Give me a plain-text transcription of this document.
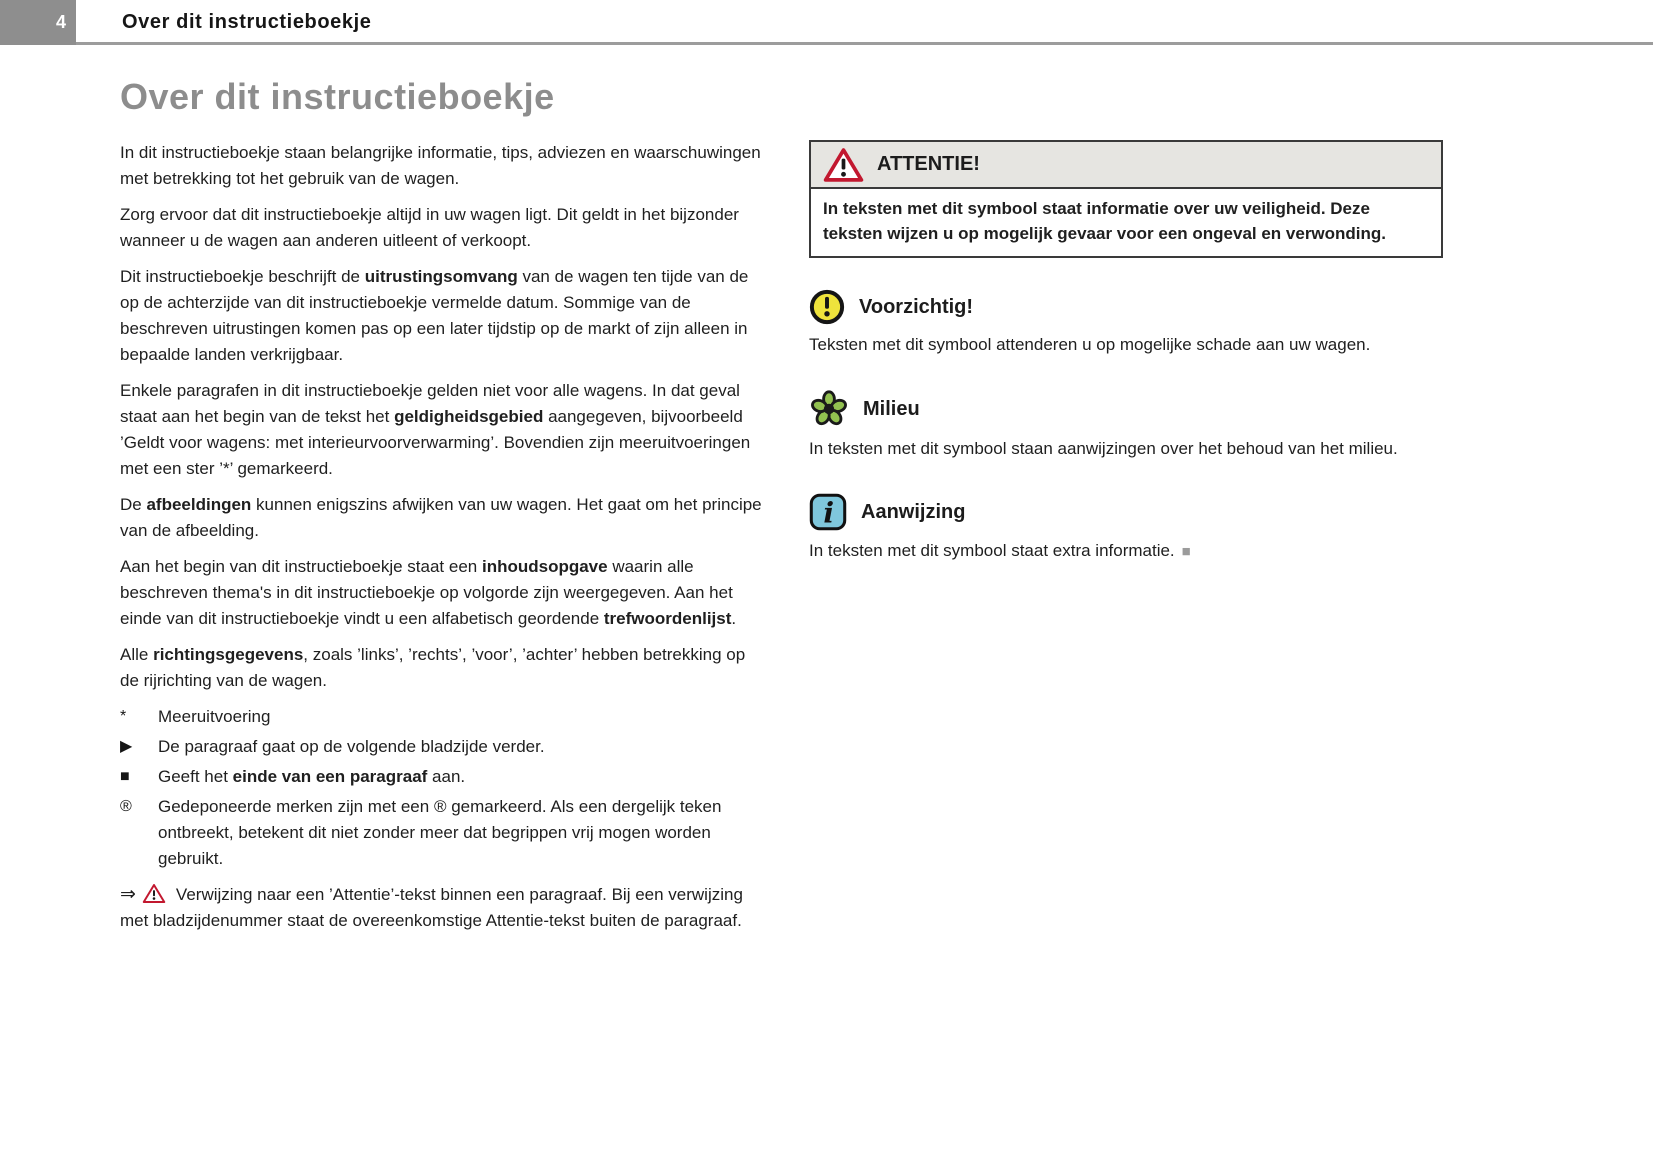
4	Over dit instructieboekje
Over dit instructieboekje

In dit instructieboekje staan belangrijke informatie, tips, adviezen en waarschuwingen met betrekking tot het gebruik van de wagen.

Zorg ervoor dat dit instructieboekje altijd in uw wagen ligt. Dit geldt in het bijzonder wanneer u de wagen aan anderen uitleent of verkoopt.

Dit instructieboekje beschrijft de uitrustingsomvang van de wagen ten tijde van de op de achterzijde van dit instructieboekje vermelde datum. Sommige van de beschreven uitrustingen komen pas op een later tijdstip op de markt of zijn alleen in bepaalde landen verkrijgbaar.

Enkele paragrafen in dit instructieboekje gelden niet voor alle wagens. In dat geval staat aan het begin van de tekst het geldigheidsgebied aangegeven, bijvoorbeeld ’Geldt voor wagens: met interieurvoorverwarming’. Bovendien zijn meeruitvoeringen met een ster ’*’ gemarkeerd.

De afbeeldingen kunnen enigszins afwijken van uw wagen. Het gaat om het principe van de afbeelding.

Aan het begin van dit instructieboekje staat een inhoudsopgave waarin alle beschreven thema's in dit instructieboekje op volgorde zijn weergegeven. Aan het einde van dit instructieboekje vindt u een alfabetisch geordende trefwoordenlijst.

Alle richtingsgegevens, zoals ’links’, ’rechts’, ’voor’, ’achter’ hebben betrekking op de rijrichting van de wagen.

*	Meeruitvoering
▶	De paragraaf gaat op de volgende bladzijde verder.
■	Geeft het einde van een paragraaf aan.
®	Gedeponeerde merken zijn met een ® gemarkeerd. Als een dergelijk teken ontbreekt, betekent dit niet zonder meer dat begrippen vrij mogen worden gebruikt.

⇒ Verwijzing naar een ’Attentie’-tekst binnen een paragraaf. Bij een verwijzing met bladzijdenummer staat de overeenkomstige Attentie-tekst buiten de paragraaf.

ATTENTIE!
In teksten met dit symbool staat informatie over uw veiligheid. Deze teksten wijzen u op mogelijk gevaar voor een ongeval en verwonding.
Voorzichtig!
Teksten met dit symbool attenderen u op mogelijke schade aan uw wagen.
Milieu
In teksten met dit symbool staan aanwijzingen over het behoud van het milieu.
i Aanwijzing
In teksten met dit symbool staat extra informatie. ■
